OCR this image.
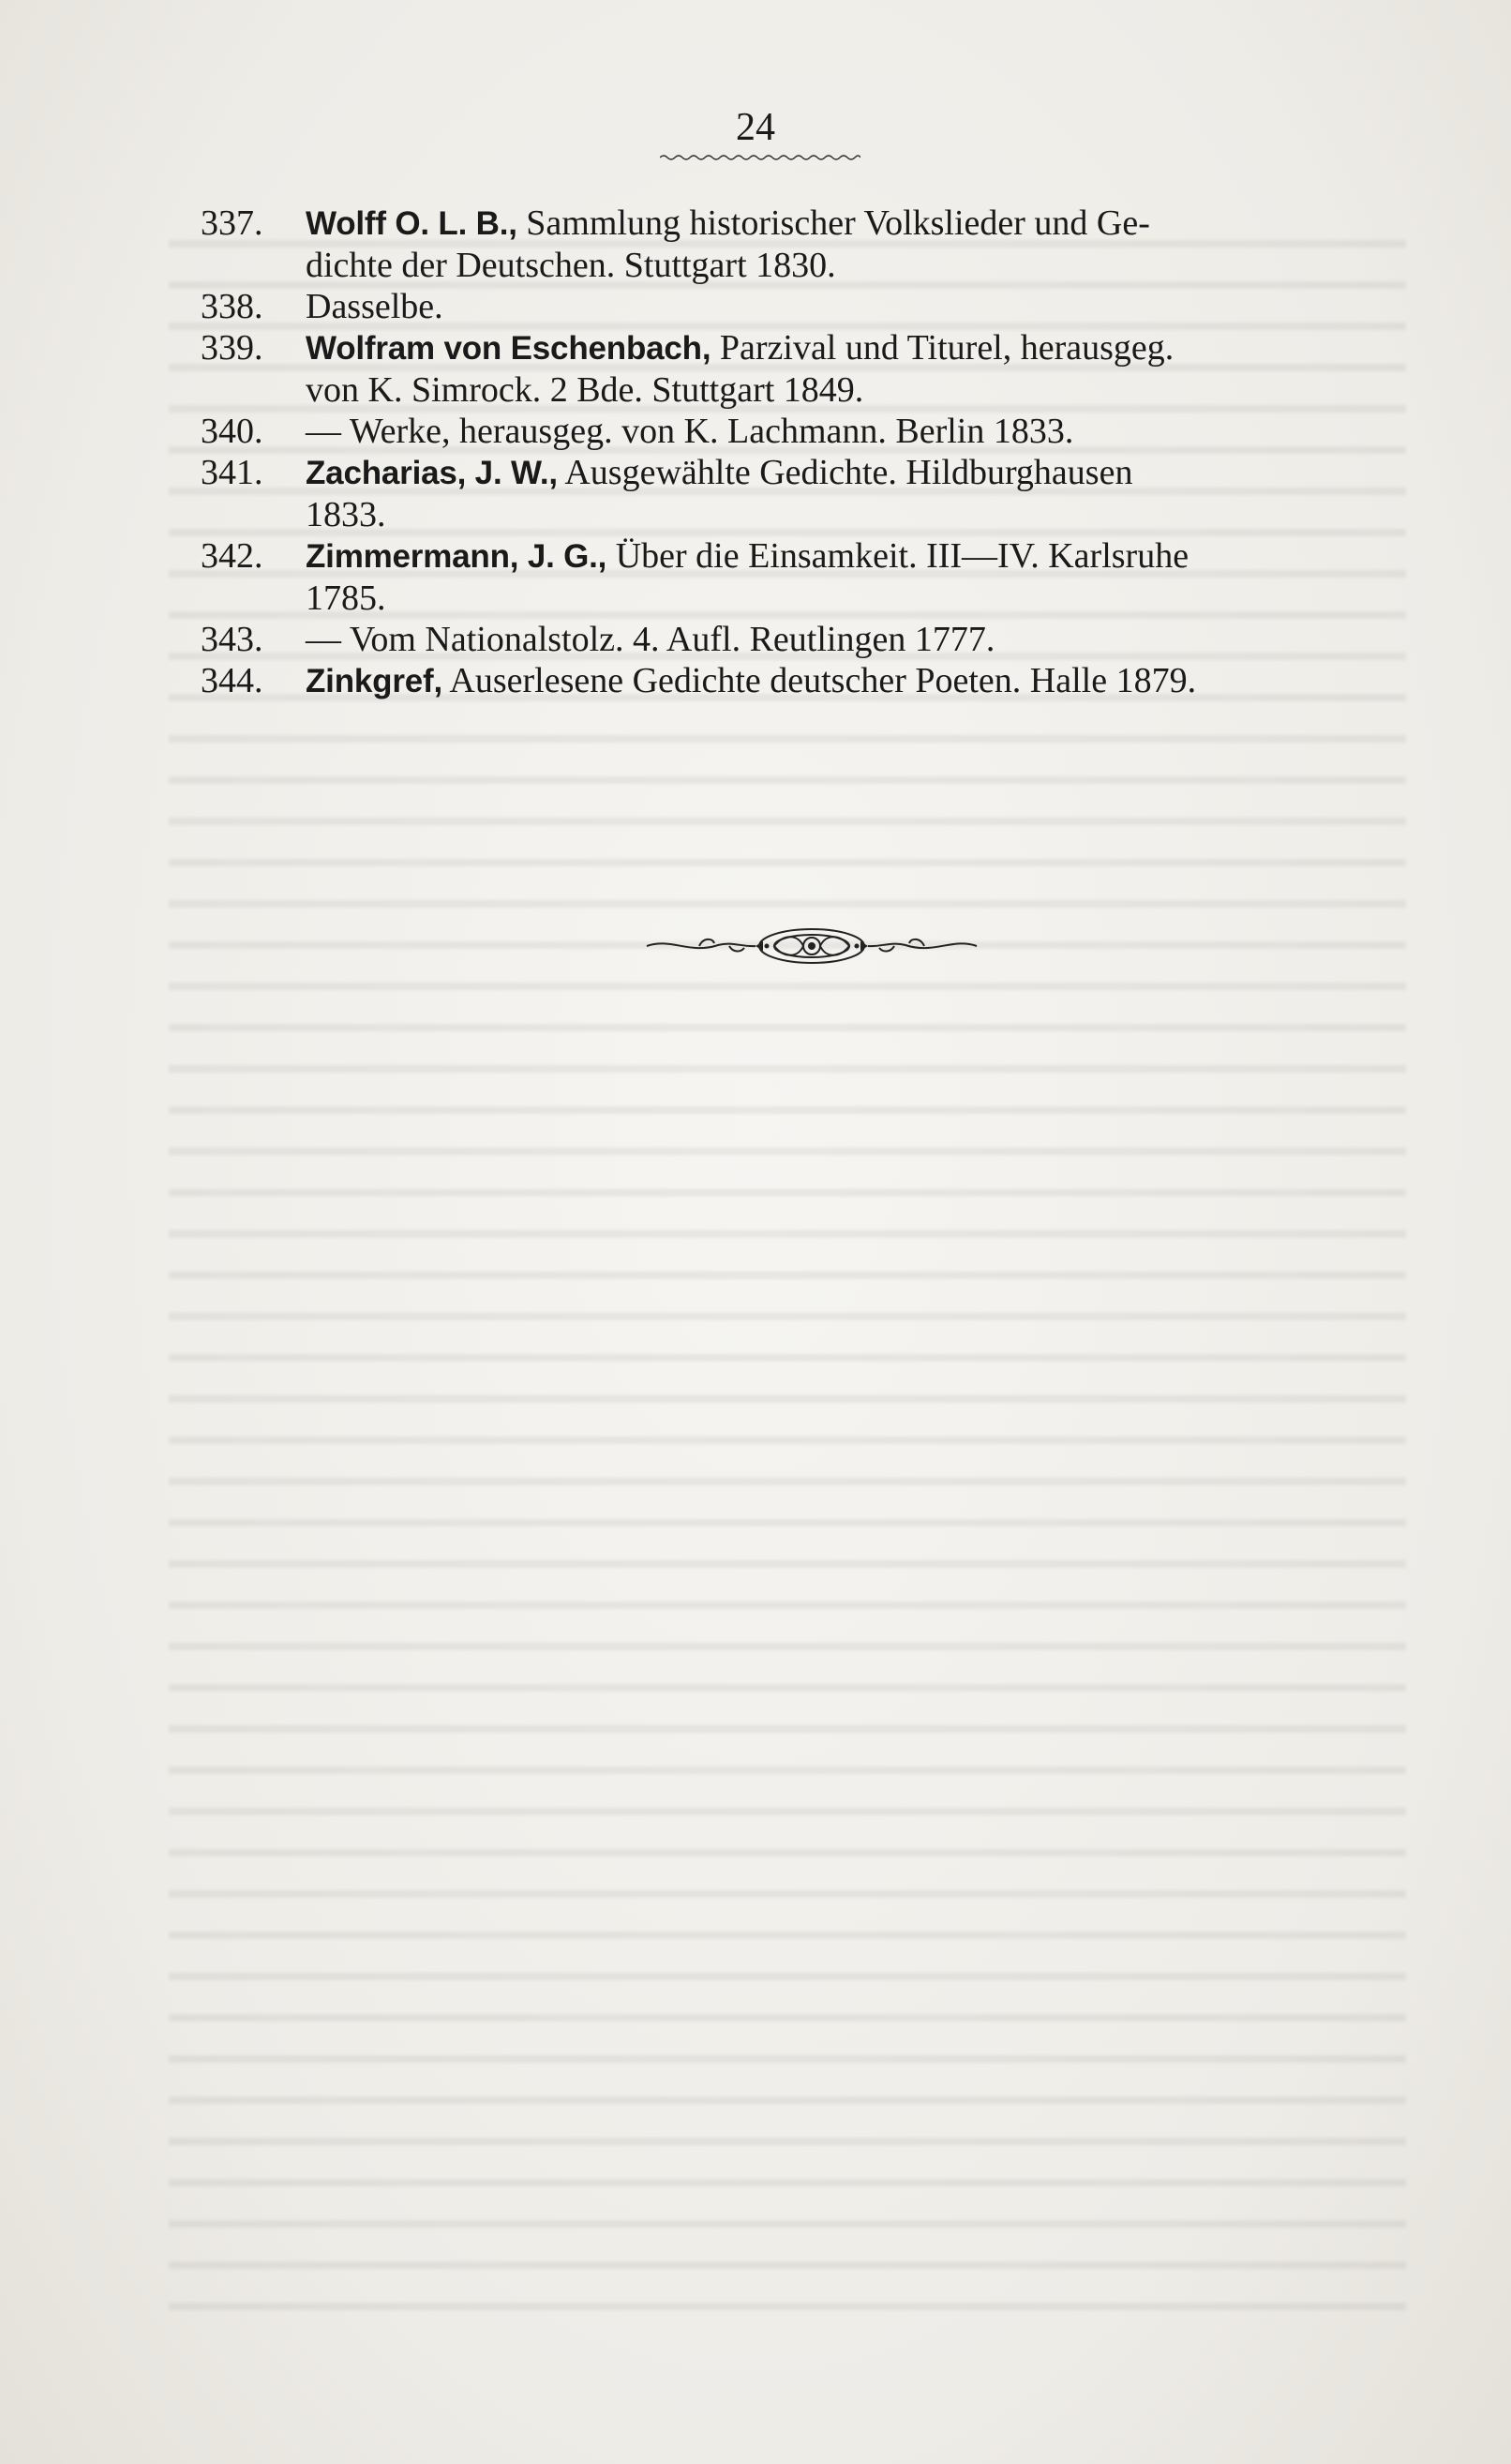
24
337.	Wolff O. L. B., Sammlung historischer Volkslieder und Ge-
dichte der Deutschen. Stuttgart 1830.
338.	Dasselbe.
339.	Wolfram von Eschenbach, Parzival und Titurel, herausgeg.
von K. Simrock. 2 Bde. Stuttgart 1849.
340.	— Werke, herausgeg. von K. Lachmann. Berlin 1833.
341.	Zacharias, J. W., Ausgewählte Gedichte. Hildburghausen
1833.
342.	Zimmermann, J. G., Über die Einsamkeit. III—IV. Karlsruhe
1785.
343.	— Vom Nationalstolz. 4. Aufl. Reutlingen 1777.
344.	Zinkgref, Auserlesene Gedichte deutscher Poeten. Halle 1879.
